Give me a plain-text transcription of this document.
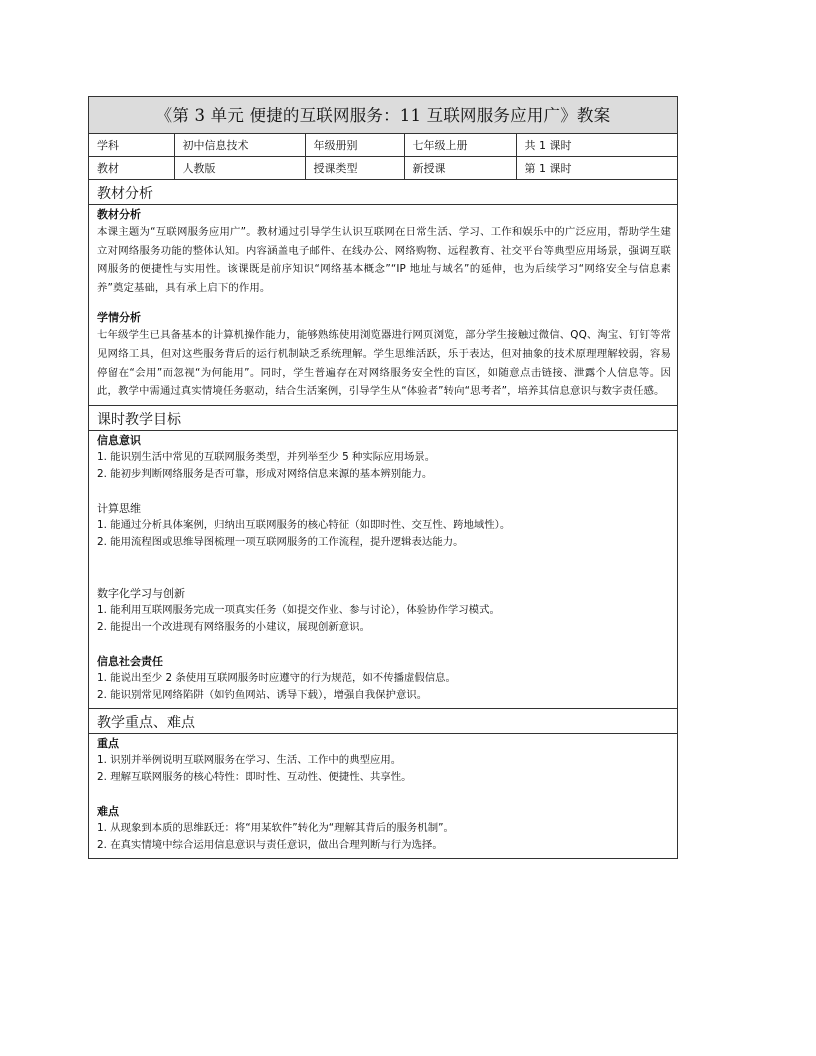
《第 3 单元 便捷的互联网服务：11 互联网服务应用广》教案
学科	初中信息技术	年级册别	七年级上册	共 1 课时
教材	人教版	授课类型	新授课	第 1 课时
教材分析
教材分析

本课主题为“互联网服务应用广”。教材通过引导学生认识互联网在日常生活、学习、工作和娱乐中的广泛应用，帮助学生建立对网络服务功能的整体认知。内容涵盖电子邮件、在线办公、网络购物、远程教育、社交平台等典型应用场景，强调互联网服务的便捷性与实用性。该课既是前序知识“网络基本概念”“IP 地址与域名”的延伸，也为后续学习“网络安全与信息素养”奠定基础，具有承上启下的作用。

学情分析

七年级学生已具备基本的计算机操作能力，能够熟练使用浏览器进行网页浏览，部分学生接触过微信、QQ、淘宝、钉钉等常见网络工具，但对这些服务背后的运行机制缺乏系统理解。学生思维活跃，乐于表达，但对抽象的技术原理理解较弱，容易停留在“会用”而忽视“为何能用”。同时，学生普遍存在对网络服务安全性的盲区，如随意点击链接、泄露个人信息等。因此，教学中需通过真实情境任务驱动，结合生活案例，引导学生从“体验者”转向“思考者”，培养其信息意识与数字责任感。

课时教学目标
信息意识

1. 能识别生活中常见的互联网服务类型，并列举至少 5 种实际应用场景。

2. 能初步判断网络服务是否可靠，形成对网络信息来源的基本辨别能力。

计算思维

1. 能通过分析具体案例，归纳出互联网服务的核心特征（如即时性、交互性、跨地域性）。

2. 能用流程图或思维导图梳理一项互联网服务的工作流程，提升逻辑表达能力。

数字化学习与创新

1. 能利用互联网服务完成一项真实任务（如提交作业、参与讨论），体验协作学习模式。

2. 能提出一个改进现有网络服务的小建议，展现创新意识。

信息社会责任

1. 能说出至少 2 条使用互联网服务时应遵守的行为规范，如不传播虚假信息。

2. 能识别常见网络陷阱（如钓鱼网站、诱导下载），增强自我保护意识。

教学重点、难点
重点

1. 识别并举例说明互联网服务在学习、生活、工作中的典型应用。

2. 理解互联网服务的核心特性：即时性、互动性、便捷性、共享性。

难点

1. 从现象到本质的思维跃迁：将“用某软件”转化为“理解其背后的服务机制”。

2. 在真实情境中综合运用信息意识与责任意识，做出合理判断与行为选择。
